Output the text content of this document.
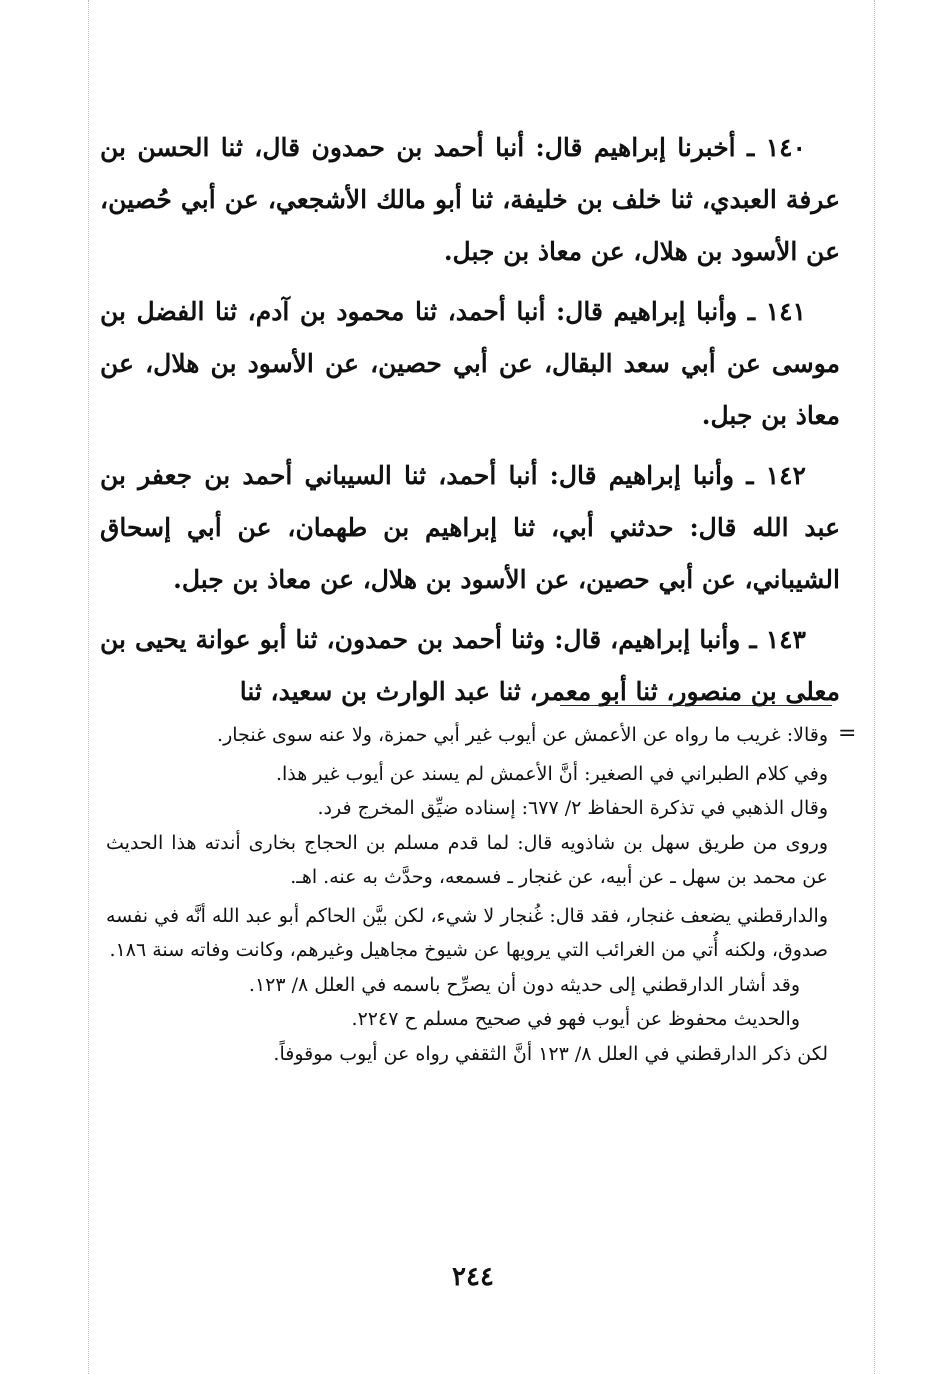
١٤٠ ـ أخبرنا إبراهيم قال: أنبا أحمد بن حمدون قال، ثنا الحسن بن عرفة العبدي، ثنا خلف بن خليفة، ثنا أبو مالك الأشجعي، عن أبي حُصين، عن الأسود بن هلال، عن معاذ بن جبل.

١٤١ ـ وأنبا إبراهيم قال: أنبا أحمد، ثنا محمود بن آدم، ثنا الفضل بن موسى عن أبي سعد البقال، عن أبي حصين، عن الأسود بن هلال، عن معاذ بن جبل.

١٤٢ ـ وأنبا إبراهيم قال: أنبا أحمد، ثنا السيباني أحمد بن جعفر بن عبد الله قال: حدثني أبي، ثنا إبراهيم بن طهمان، عن أبي إسحاق الشيباني، عن أبي حصين، عن الأسود بن هلال، عن معاذ بن جبل.

١٤٣ ـ وأنبا إبراهيم، قال: وثنا أحمد بن حمدون، ثنا أبو عوانة يحيى بن معلى بن منصور، ثنا أبو معمر، ثنا عبد الوارث بن سعيد، ثنا

=

وقالا: غريب ما رواه عن الأعمش عن أيوب غير أبي حمزة، ولا عنه سوى غنجار.

وفي كلام الطبراني في الصغير: أنَّ الأعمش لم يسند عن أيوب غير هذا.

وقال الذهبي في تذكرة الحفاظ ٢/ ٦٧٧: إسناده ضيِّق المخرج فرد.

وروى من طريق سهل بن شاذويه قال: لما قدم مسلم بن الحجاج بخارى أندته هذا الحديث عن محمد بن سهل ـ عن أبيه، عن غنجار ـ فسمعه، وحدَّث به عنه. اهـ.

والدارقطني يضعف غنجار، فقد قال: غُنجار لا شيء، لكن بيَّن الحاكم أبو عبد الله أنَّه في نفسه صدوق، ولكنه أُتي من الغرائب التي يرويها عن شيوخ مجاهيل وغيرهم، وكانت وفاته سنة ١٨٦.

وقد أشار الدارقطني إلى حديثه دون أن يصرِّح باسمه في العلل ٨/ ١٢٣.

والحديث محفوظ عن أيوب فهو في صحيح مسلم ح ٢٢٤٧.

لكن ذكر الدارقطني في العلل ٨/ ١٢٣ أنَّ الثقفي رواه عن أيوب موقوفاً.

٢٤٤
